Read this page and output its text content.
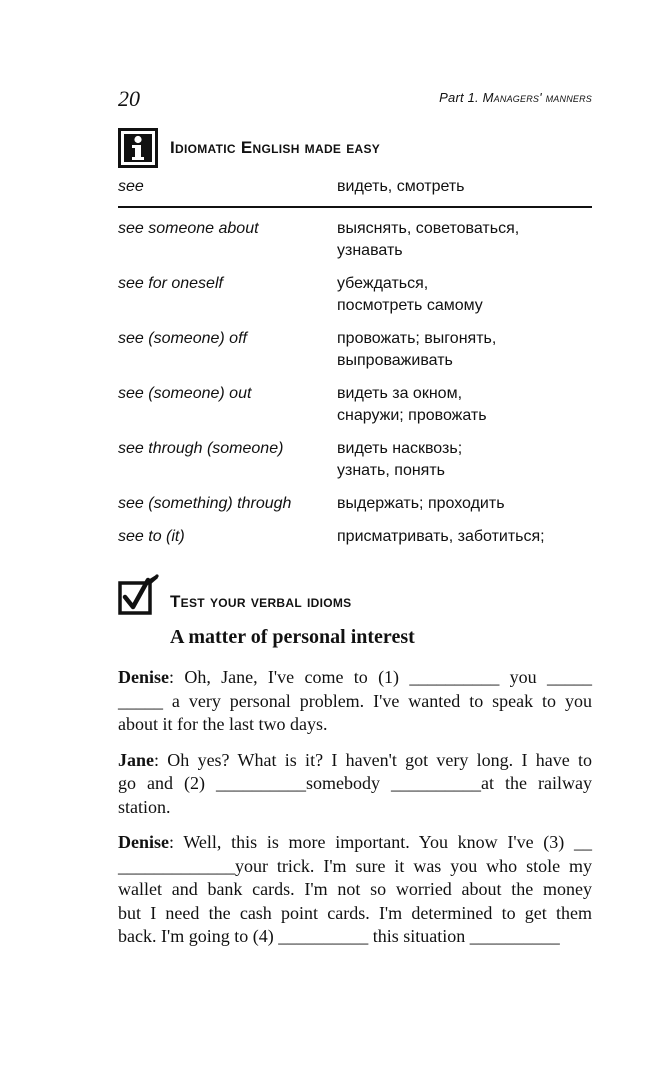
20	Part 1. Managers' manners
Idiomatic English made easy
see	видеть, смотреть
see someone about	выяснять, советоваться,
узнавать
see for oneself	убеждаться,
посмотреть самому
see (someone) off	провожать; выгонять,
выпроваживать
see (someone) out	видеть за окном,
снаружи; провожать
see through (someone)	видеть насквозь;
узнать, понять
see (something) through	выдержать; проходить
see to (it)	присматривать, заботиться;
Test your verbal idioms
A matter of personal interest
Denise: Oh, Jane, I've come to (1) __________ you _____
_____ a very personal problem. I've wanted to speak to you
about it for the last two days.
Jane: Oh yes? What is it? I haven't got very long. I have to
go and (2) __________somebody __________at the railway
station.
Denise: Well, this is more important. You know I've (3) __
_____________your trick. I'm sure it was you who stole my
wallet and bank cards. I'm not so worried about the money
but I need the cash point cards. I'm determined to get them
back. I'm going to (4) __________ this situation __________
